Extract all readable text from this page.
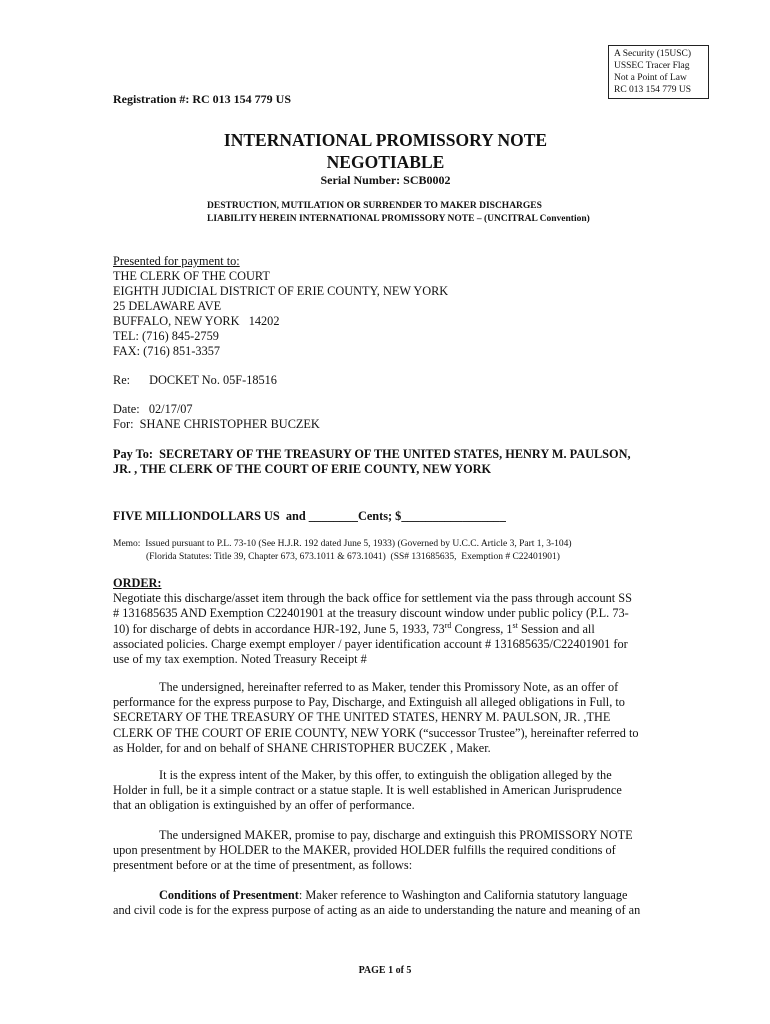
A Security (15USC)
USSEC Tracer Flag
Not a Point of Law
RC 013 154 779 US
Registration #: RC 013 154 779 US
INTERNATIONAL PROMISSORY NOTE
NEGOTIABLE
Serial Number: SCB0002
DESTRUCTION, MUTILATION OR SURRENDER TO MAKER DISCHARGES
LIABILITY HEREIN INTERNATIONAL PROMISSORY NOTE – (UNCITRAL Convention)
Presented for payment to:
THE CLERK OF THE COURT
EIGHTH JUDICIAL DISTRICT OF ERIE COUNTY, NEW YORK
25 DELAWARE AVE
BUFFALO, NEW YORK   14202
TEL: (716) 845-2759
FAX: (716) 851-3357
Re: DOCKET No. 05F-18516
Date:   02/17/07
For:  SHANE CHRISTOPHER BUCZEK
Pay To:  SECRETARY OF THE TREASURY OF THE UNITED STATES, HENRY M. PAULSON,
JR. , THE CLERK OF THE COURT OF ERIE COUNTY, NEW YORK
FIVE MILLIONDOLLARS US  and ________Cents; $_________________
Memo:  Issued pursuant to P.L. 73-10 (See H.J.R. 192 dated June 5, 1933) (Governed by U.C.C. Article 3, Part 1, 3-104)
(Florida Statutes: Title 39, Chapter 673, 673.1011 & 673.1041)  (SS# 131685635,  Exemption # C22401901)
ORDER:
Negotiate this discharge/asset item through the back office for settlement via the pass through account SS
# 131685635 AND Exemption C22401901 at the treasury discount window under public policy (P.L. 73-
10) for discharge of debts in accordance HJR-192, June 5, 1933, 73rd Congress, 1st Session and all
associated policies. Charge exempt employer / payer identification account # 131685635/C22401901 for
use of my tax exemption. Noted Treasury Receipt #
The undersigned, hereinafter referred to as Maker, tender this Promissory Note, as an offer of
performance for the express purpose to Pay, Discharge, and Extinguish all alleged obligations in Full, to
SECRETARY OF THE TREASURY OF THE UNITED STATES, HENRY M. PAULSON, JR. ,THE
CLERK OF THE COURT OF ERIE COUNTY, NEW YORK (“successor Trustee”), hereinafter referred to
as Holder, for and on behalf of SHANE CHRISTOPHER BUCZEK , Maker.
It is the express intent of the Maker, by this offer, to extinguish the obligation alleged by the
Holder in full, be it a simple contract or a statue staple. It is well established in American Jurisprudence
that an obligation is extinguished by an offer of performance.
The undersigned MAKER, promise to pay, discharge and extinguish this PROMISSORY NOTE
upon presentment by HOLDER to the MAKER, provided HOLDER fulfills the required conditions of
presentment before or at the time of presentment, as follows:
Conditions of Presentment: Maker reference to Washington and California statutory language
and civil code is for the express purpose of acting as an aide to understanding the nature and meaning of an
PAGE 1 of 5
